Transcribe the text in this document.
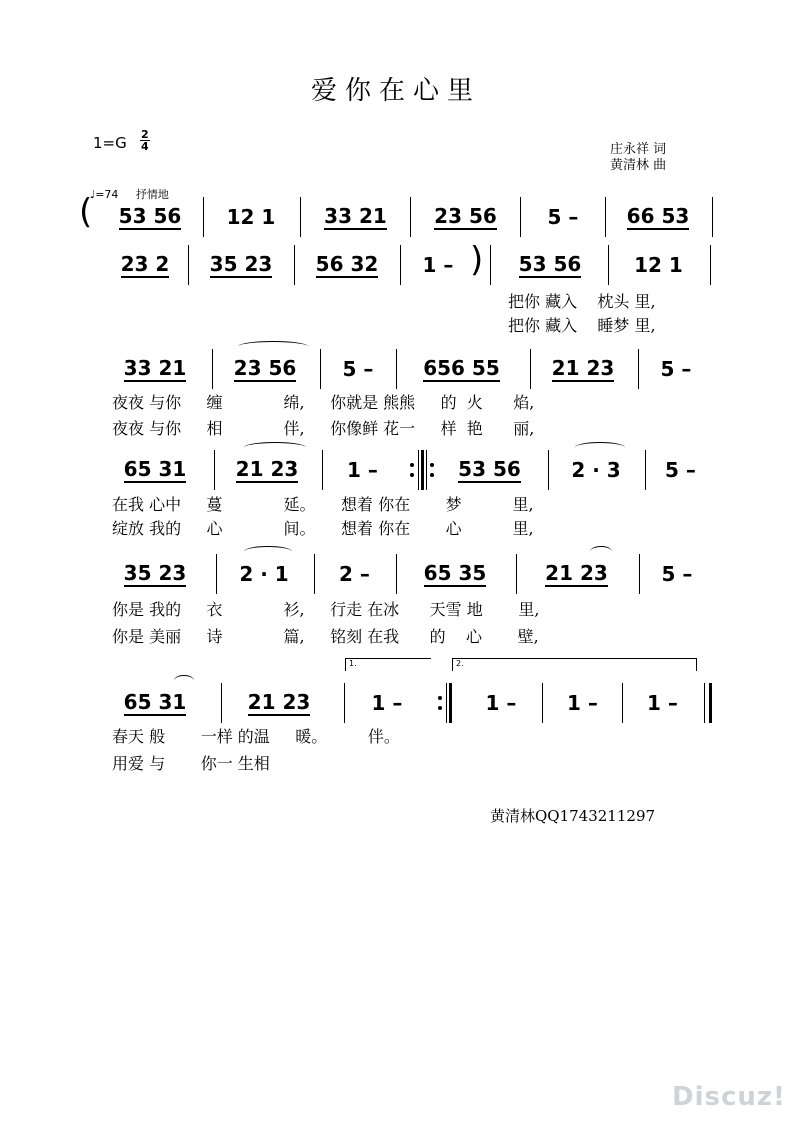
爱你在心里
1=G 2
4	庄永祥 词
黄清林 曲
♩=74 抒情地
( 53 56 12 1 33 21 23 56	5 – 66 53
23 2 35 23 56 32 1 – ) 53 56	12 1
把你 藏入    枕头 里,
把你 藏入    睡梦 里,
33 21 23 56 5 – 656 55	21 23 5 –
夜夜 与你     缠            绵,     你就是 熊熊     的  火      焰,
夜夜 与你     相            伴,     你像鲜 花一     样  艳      丽,
65 31 21 23 1 –	53 56	2 · 3 5 –
在我 心中     蔓            延。     想着 你在       梦          里,
绽放 我的     心            间。     想着 你在       心          里,
35 23	2 · 1	2 –	65 35	21 23	5 –
你是 我的     衣            衫,     行走 在冰      天雪 地       里,
你是 美丽     诗            篇,     铭刻 在我      的    心       壁,
1.	2.
65 31	21 23	1 –	1 –	1 – 1 –
春天 般       一样 的温     暖。        伴。
用爱 与       你一 生相
黄清林QQ1743211297
Discuz!
